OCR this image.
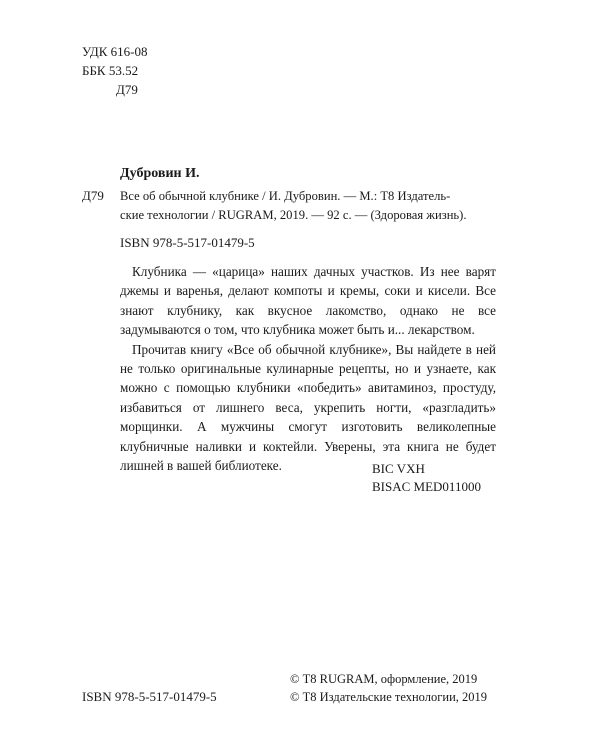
УДК 616-08
ББК 53.52
Д79
Дубровин И.
Д79 Все об обычной клубнике / И. Дубровин. — М.: Т8 Издатель-
ские технологии / RUGRAM, 2019. — 92 с. — (Здоровая жизнь).
ISBN 978-5-517-01479-5

Клубника — «царица» наших дачных участков. Из нее варят джемы и варенья, делают компоты и кремы, соки и кисели. Все знают клубнику, как вкусное лакомство, однако не все задумываются о том, что клубника может быть и... лекарством.

Прочитав книгу «Все об обычной клубнике», Вы найдете в ней не только оригинальные кулинарные рецепты, но и узнаете, как можно с помощью клубники «победить» авитаминоз, простуду, избавиться от лишнего веса, укрепить ногти, «разгладить» морщинки. А мужчины смогут изготовить великолепные клубничные наливки и коктейли. Уверены, эта книга не будет лишней в вашей библиотеке.	BIC VXH
BISAC MED011000
ISBN 978-5-517-01479-5
© Т8 RUGRAM, оформление, 2019
© Т8 Издательские технологии, 2019
